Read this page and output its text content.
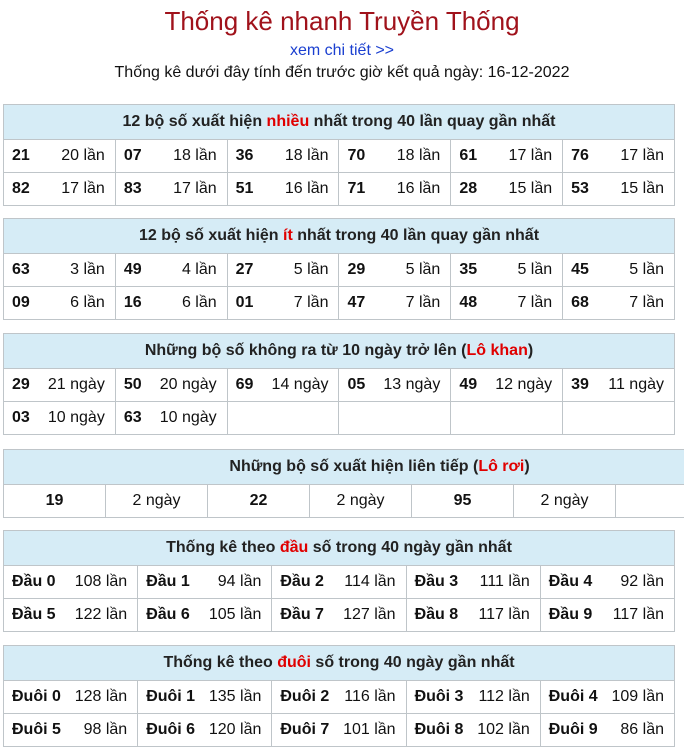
Thống kê nhanh Truyền Thống
xem chi tiết >>
Thống kê dưới đây tính đến trước giờ kết quả ngày: 16-12-2022
12 bộ số xuất hiện nhiều nhất trong 40 lần quay gần nhất					

21 20 lần	07 18 lần	36 18 lần	70 18 lần	61 17 lần	76 17 lần

82 17 lần	83 17 lần	51 16 lần	71 16 lần	28 15 lần	53 15 lần
12 bộ số xuất hiện ít nhất trong 40 lần quay gần nhất					

63 3 lần	49 4 lần	27 5 lần	29 5 lần	35 5 lần	45 5 lần

09 6 lần	16 6 lần	01 7 lần	47 7 lần	48 7 lần	68 7 lần
Những bộ số không ra từ 10 ngày trở lên (Lô khan)					

29 21 ngày	50 20 ngày	69 14 ngày	05 13 ngày	49 12 ngày	39 11 ngày

03 10 ngày	63 10 ngày				

Những bộ số xuất hiện liên tiếp (Lô rơi)
19	2 ngày	22	2 ngày	95	2 ngày			
Thống kê theo đầu số trong 40 ngày gần nhất				

Đầu 0 108 lần	Đầu 1 94 lần	Đầu 2 114 lần	Đầu 3 111 lần	Đầu 4 92 lần

Đầu 5 122 lần	Đầu 6 105 lần	Đầu 7 127 lần	Đầu 8 117 lần	Đầu 9 117 lần
Thống kê theo đuôi số trong 40 ngày gần nhất				

Đuôi 0 128 lần	Đuôi 1 135 lần	Đuôi 2 116 lần	Đuôi 3 112 lần	Đuôi 4 109 lần

Đuôi 5 98 lần	Đuôi 6 120 lần	Đuôi 7 101 lần	Đuôi 8 102 lần	Đuôi 9 86 lần
